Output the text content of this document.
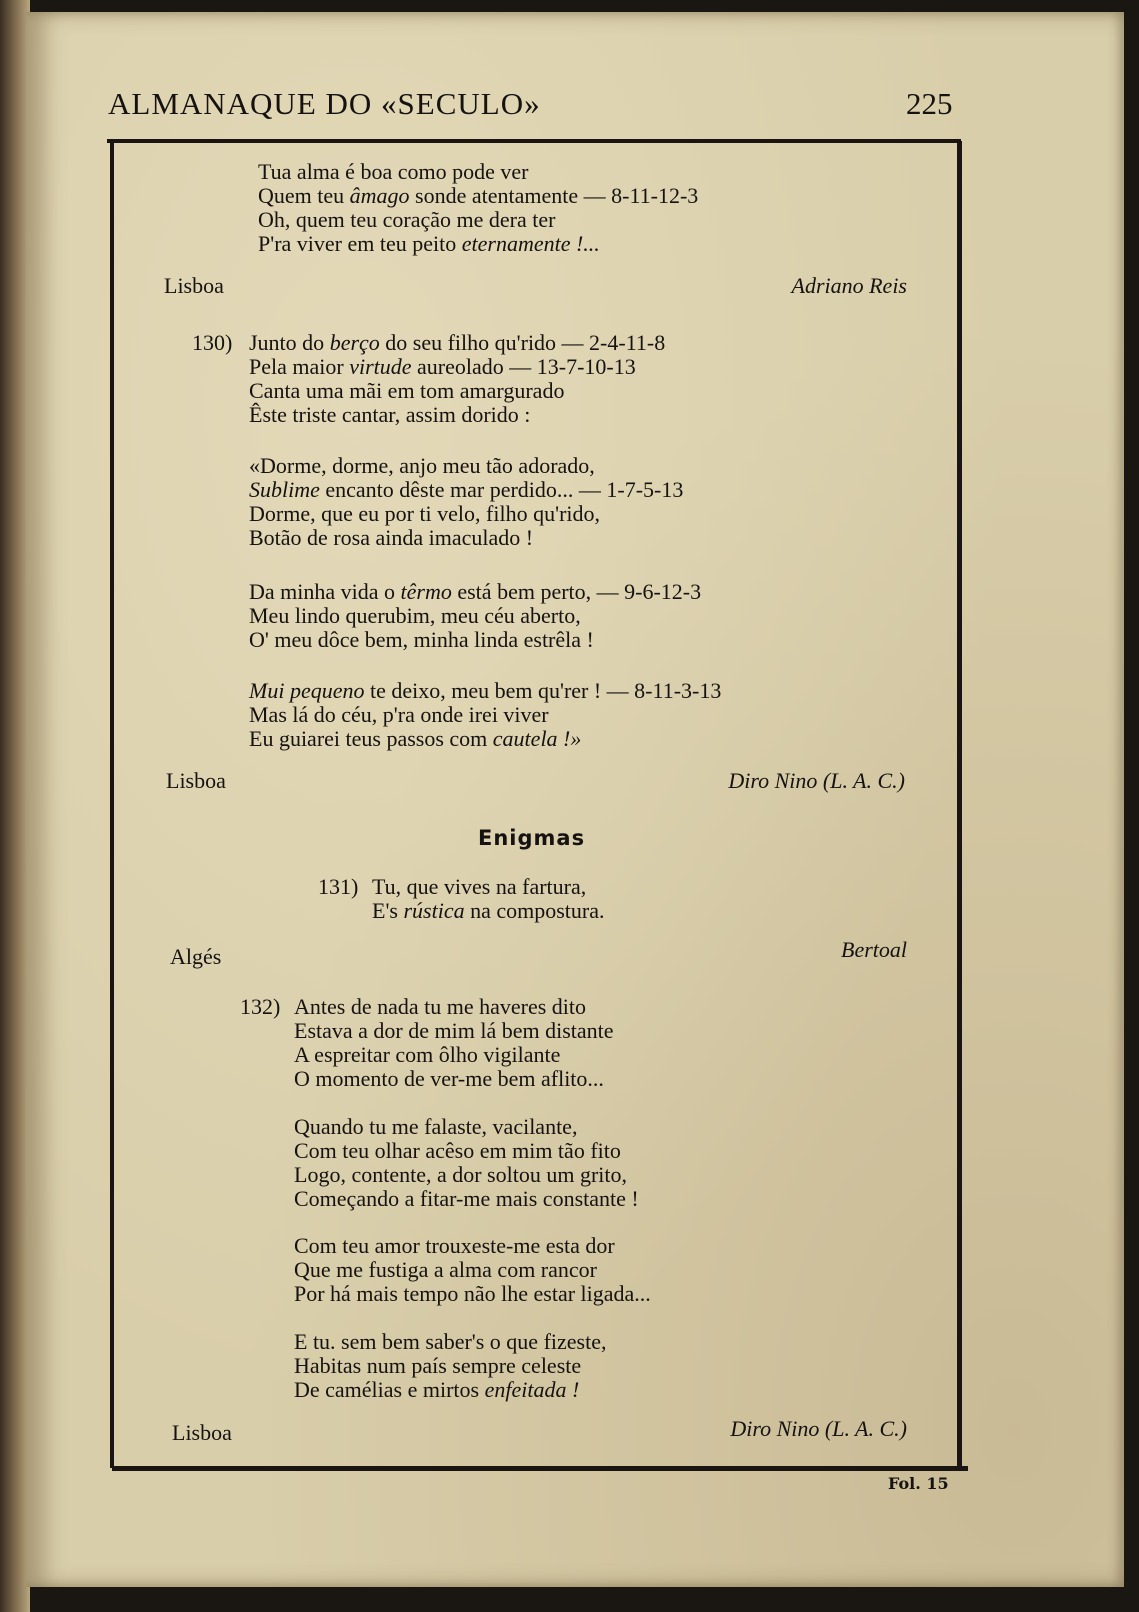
ALMANAQUE DO «SECULO»	225
Tua alma é boa como pode ver
Quem teu âmago sonde atentamente — 8-11-12-3
Oh, quem teu coração me dera ter
P'ra viver em teu peito eternamente !...
Lisboa	Adriano Reis
130) Junto do berço do seu filho qu'rido — 2-4-11-8
Pela maior virtude aureolado — 13-7-10-13
Canta uma mãi em tom amargurado
Êste triste cantar, assim dorido :
«Dorme, dorme, anjo meu tão adorado,
Sublime encanto dêste mar perdido... — 1-7-5-13
Dorme, que eu por ti velo, filho qu'rido,
Botão de rosa ainda imaculado !
Da minha vida o têrmo está bem perto, — 9-6-12-3
Meu lindo querubim, meu céu aberto,
O' meu dôce bem, minha linda estrêla !
Mui pequeno te deixo, meu bem qu'rer ! — 8-11-3-13
Mas lá do céu, p'ra onde irei viver
Eu guiarei teus passos com cautela !»
Lisboa	Diro Nino (L. A. C.)
Enigmas
131) Tu, que vives na fartura,
E's rústica na compostura.
Algés	Bertoal
132) Antes de nada tu me haveres dito
Estava a dor de mim lá bem distante
A espreitar com ôlho vigilante
O momento de ver-me bem aflito...
Quando tu me falaste, vacilante,
Com teu olhar acêso em mim tão fito
Logo, contente, a dor soltou um grito,
Começando a fitar-me mais constante !
Com teu amor trouxeste-me esta dor
Que me fustiga a alma com rancor
Por há mais tempo não lhe estar ligada...
E tu. sem bem saber's o que fizeste,
Habitas num país sempre celeste
De camélias e mirtos enfeitada !
Lisboa	Diro Nino (L. A. C.)
Fol. 15
